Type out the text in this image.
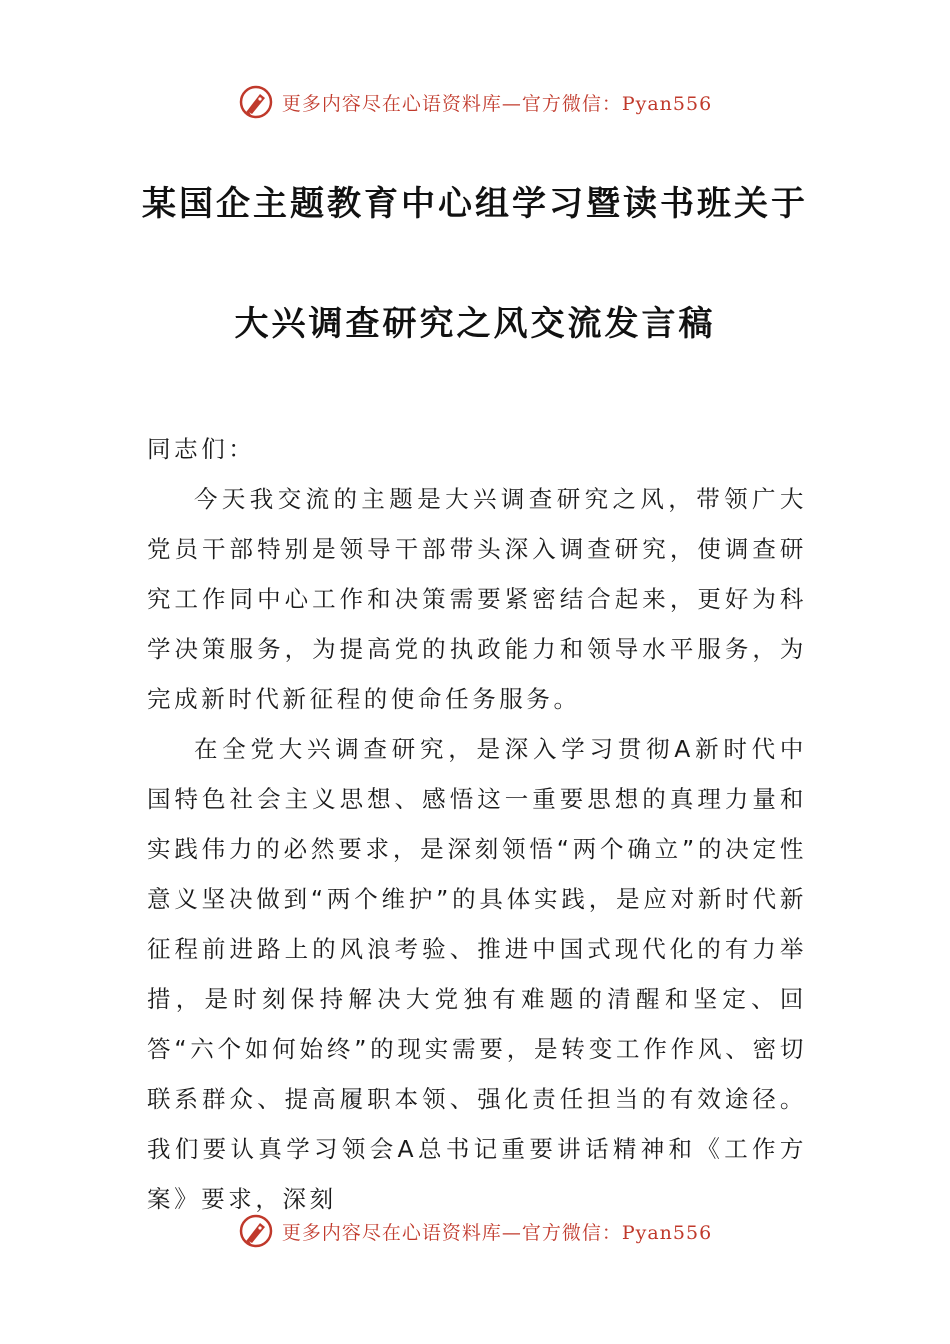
更多内容尽在心语资料库—官方微信：Pyan556
某国企主题教育中心组学习暨读书班关于
大兴调查研究之风交流发言稿

同志们：

今天我交流的主题是大兴调查研究之风，带领广大党员干部特别是领导干部带头深入调查研究，使调查研究工作同中心工作和决策需要紧密结合起来，更好为科学决策服务，为提高党的执政能力和领导水平服务，为完成新时代新征程的使命任务服务。

在全党大兴调查研究，是深入学习贯彻A新时代中国特色社会主义思想、感悟这一重要思想的真理力量和实践伟力的必然要求，是深刻领悟“两个确立”的决定性意义坚决做到“两个维护”的具体实践，是应对新时代新征程前进路上的风浪考验、推进中国式现代化的有力举措，是时刻保持解决大党独有难题的清醒和坚定、回答“六个如何始终”的现实需要，是转变工作作风、密切联系群众、提高履职本领、强化责任担当的有效途径。我们要认真学习领会A总书记重要讲话精神和《工作方案》要求，深刻

更多内容尽在心语资料库—官方微信：Pyan556
